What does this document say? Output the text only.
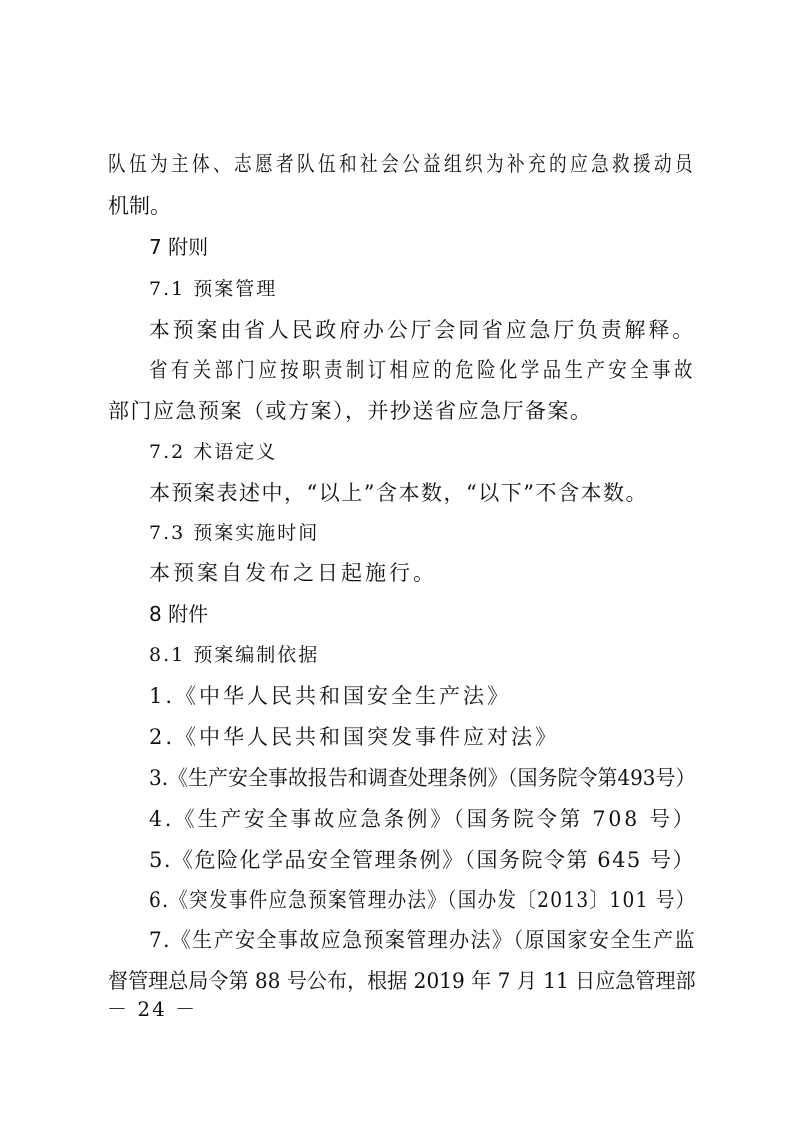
队伍为主体、志愿者队伍和社会公益组织为补充的应急救援动员
机制。
7 附则
7.1 预案管理
本预案由省人民政府办公厅会同省应急厅负责解释。
省有关部门应按职责制订相应的危险化学品生产安全事故
部门应急预案（或方案），并抄送省应急厅备案。
7.2 术语定义
本预案表述中，“以上”含本数，“以下”不含本数。
7.3 预案实施时间
本预案自发布之日起施行。
8 附件
8.1 预案编制依据
1.《中华人民共和国安全生产法》
2.《中华人民共和国突发事件应对法》
3.《生产安全事故报告和调查处理条例》（国务院令第493号）
4.《生产安全事故应急条例》（国务院令第 708 号）
5.《危险化学品安全管理条例》（国务院令第 645 号）
6.《突发事件应急预案管理办法》（国办发〔2013〕101 号）
7.《生产安全事故应急预案管理办法》（原国家安全生产监
督管理总局令第 88 号公布，根据 2019 年 7 月 11 日应急管理部
－ 24 －
